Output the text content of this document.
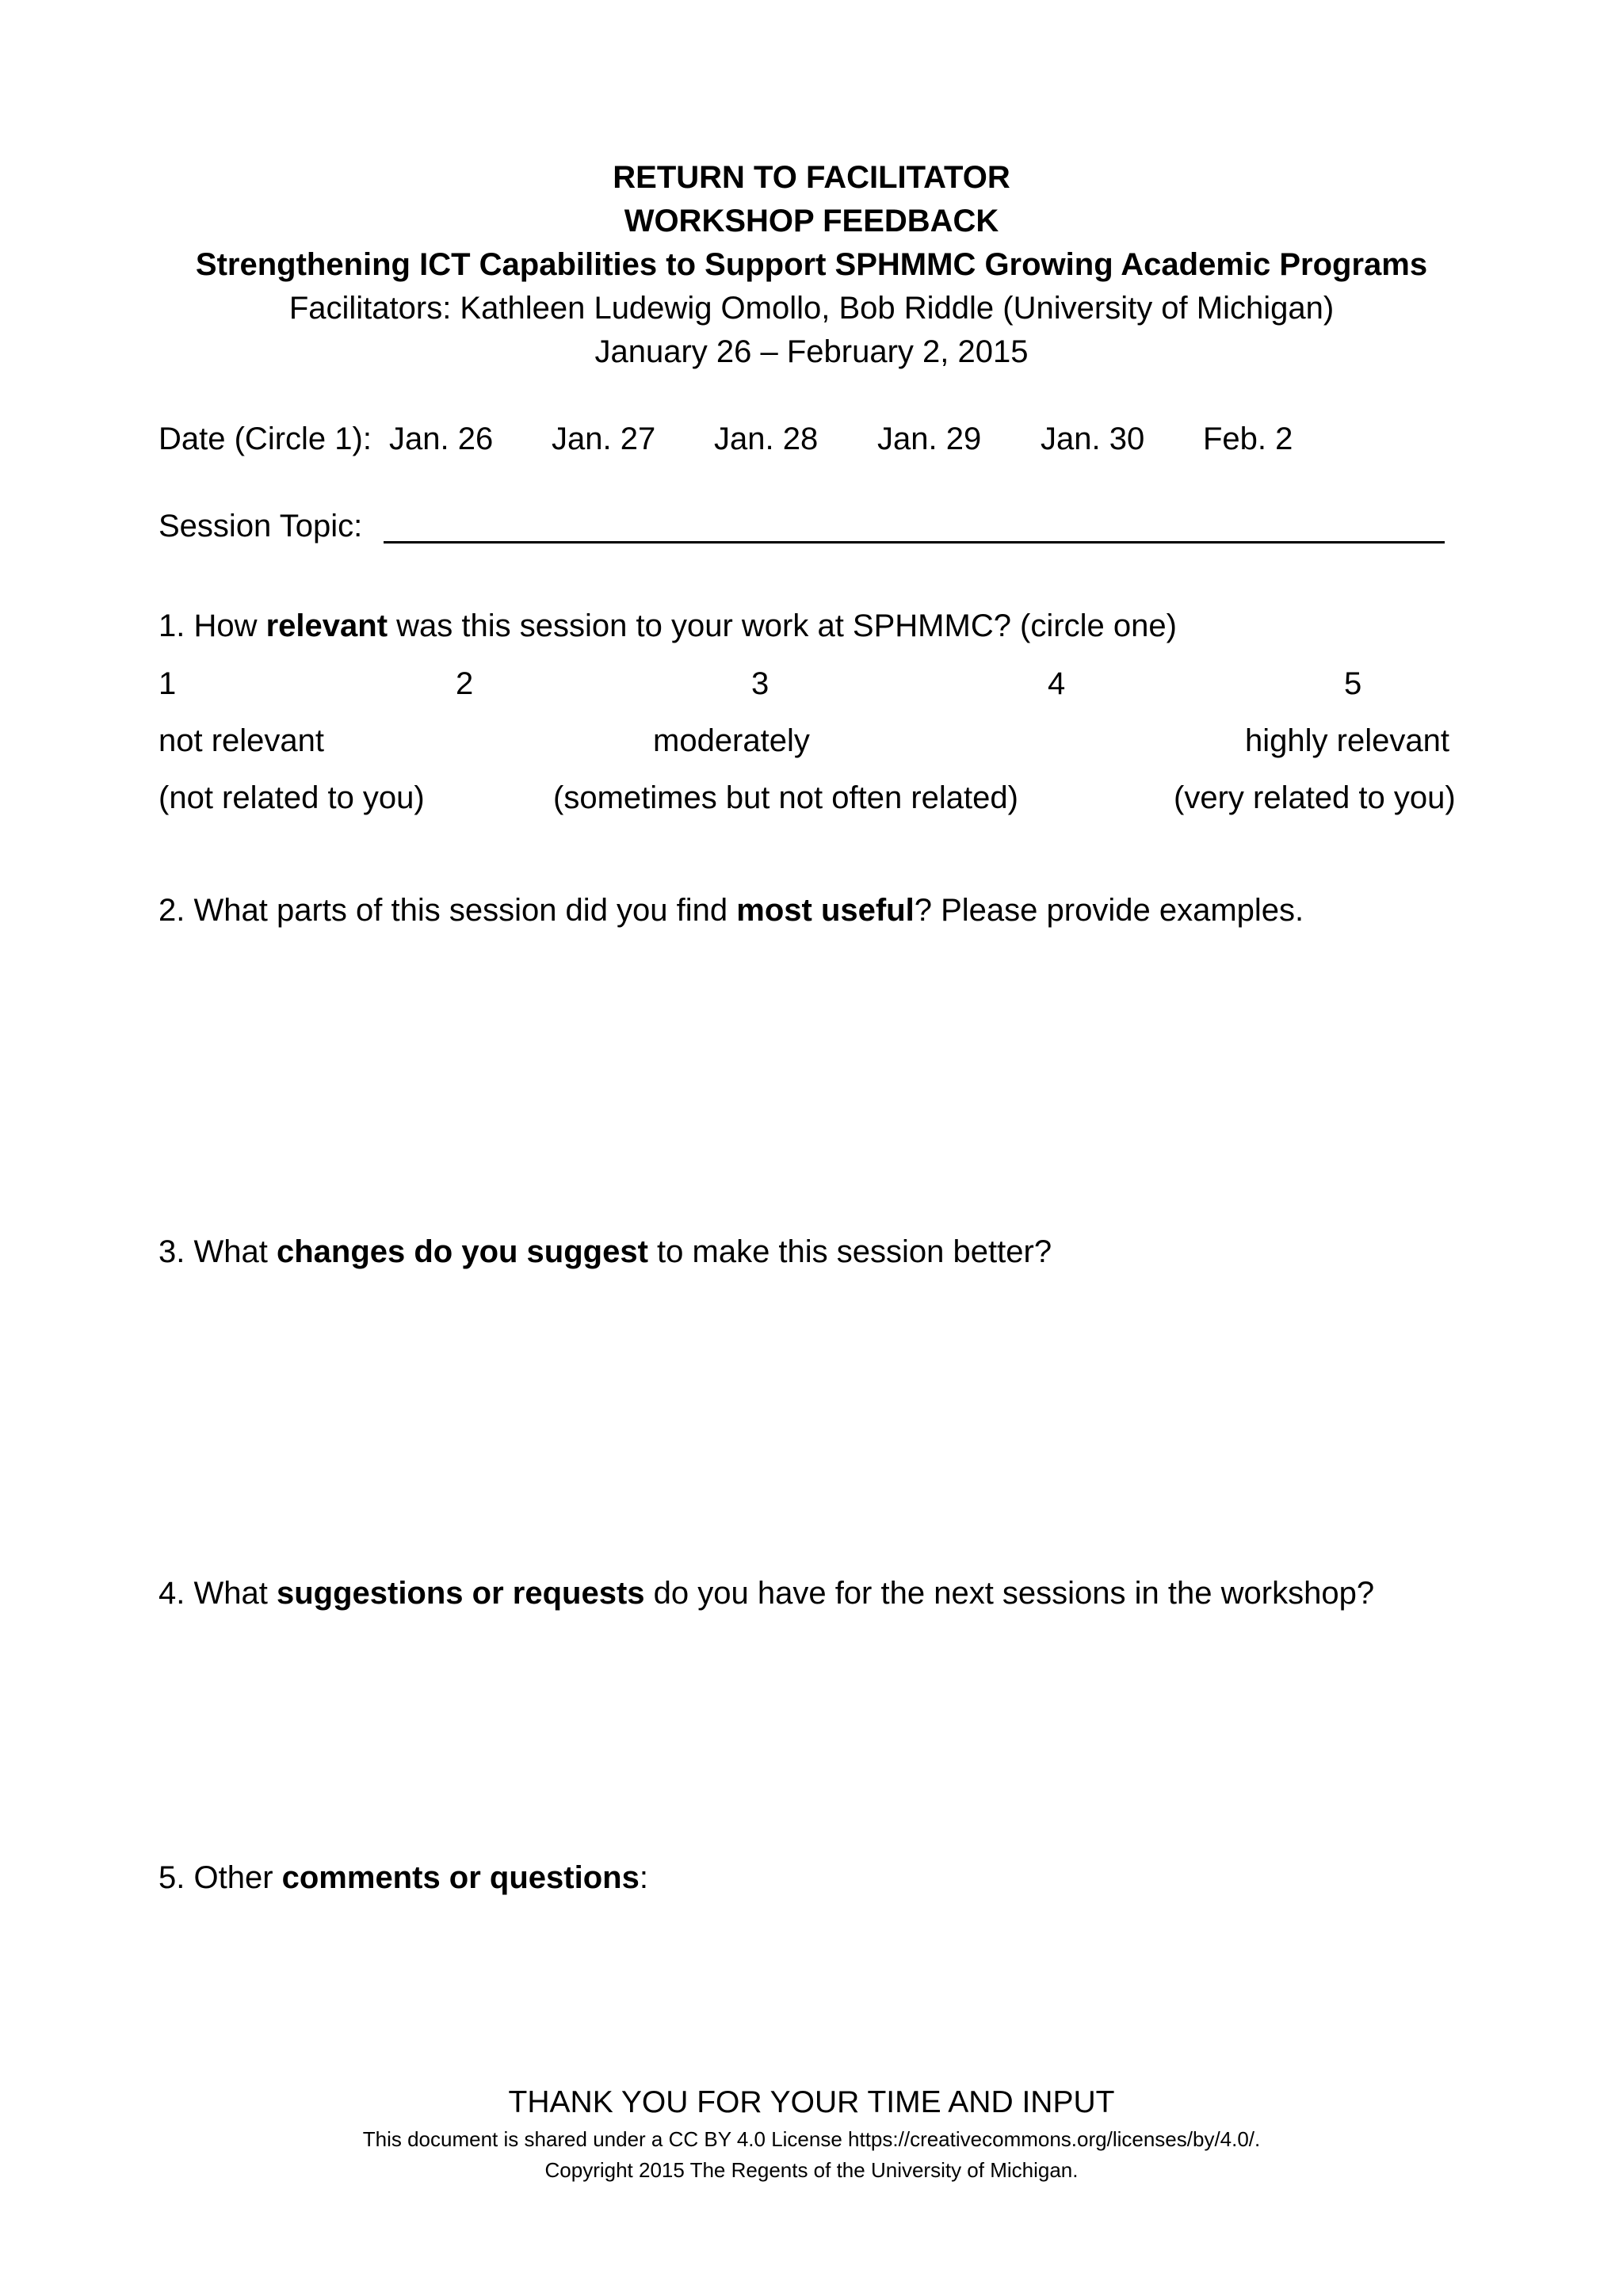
RETURN TO FACILITATOR
WORKSHOP FEEDBACK
Strengthening ICT Capabilities to Support SPHMMC Growing Academic Programs
Facilitators: Kathleen Ludewig Omollo, Bob Riddle (University of Michigan)
January 26 – February 2, 2015
Date (Circle 1): Jan. 26 Jan. 27 Jan. 28 Jan. 29 Jan. 30 Feb. 2
Session Topic:
1. How relevant was this session to your work at SPHMMC? (circle one)
1	2	3	4	5
not relevant	moderately	highly relevant
(not related to you)	(sometimes but not often related)	(very related to you)
2. What parts of this session did you find most useful? Please provide examples.
3. What changes do you suggest to make this session better?
4. What suggestions or requests do you have for the next sessions in the workshop?
5. Other comments or questions:
THANK YOU FOR YOUR TIME AND INPUT
This document is shared under a CC BY 4.0 License https://creativecommons.org/licenses/by/4.0/.
Copyright 2015 The Regents of the University of Michigan.
